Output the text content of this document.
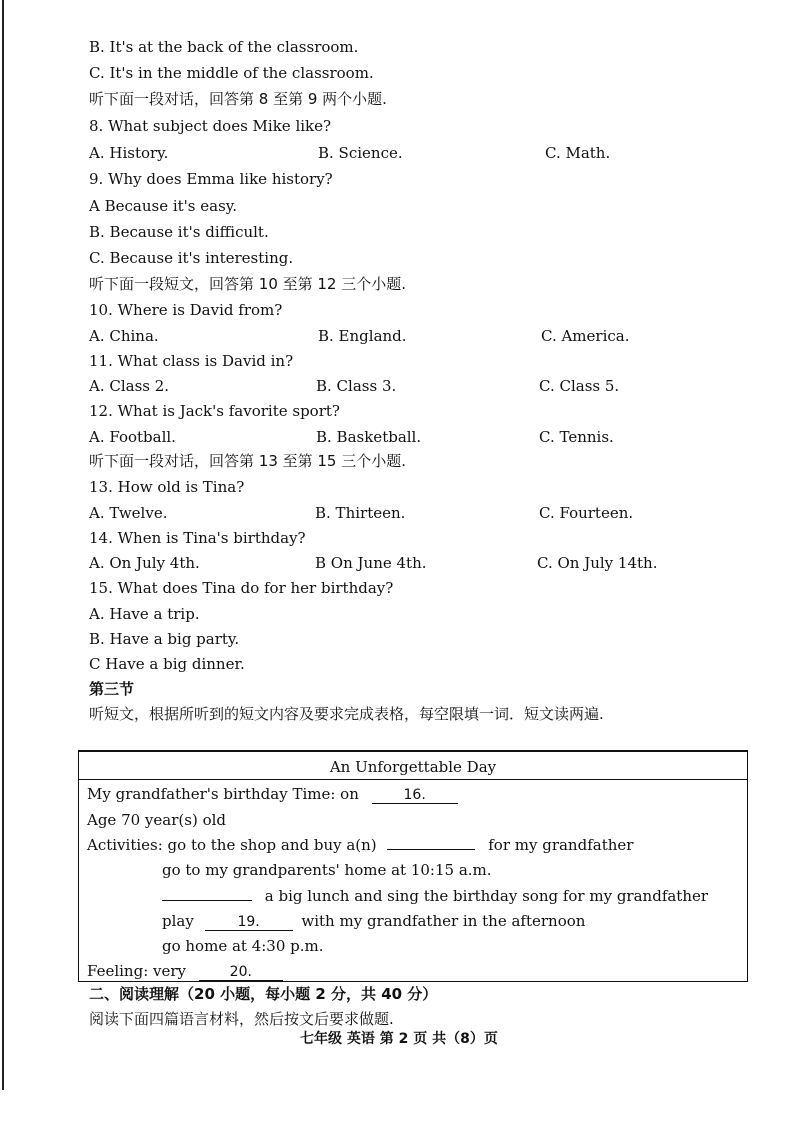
B. It's at the back of the classroom.
C. It's in the middle of the classroom.
听下面一段对话，回答第 8 至第 9 两个小题.
8. What subject does Mike like?
A. History.	B. Science.	C. Math.
9. Why does Emma like history?
A Because it's easy.
B. Because it's difficult.
C. Because it's interesting.
听下面一段短文，回答第 10 至第 12 三个小题.
10. Where is David from?
A. China.	B. England.	C. America.
11. What class is David in?
A. Class 2.	B. Class 3.	C. Class 5.
12. What is Jack's favorite sport?
A. Football.	B. Basketball.	C. Tennis.
听下面一段对话，回答第 13 至第 15 三个小题.
13. How old is Tina?
A. Twelve.	B. Thirteen.	C. Fourteen.
14. When is Tina's birthday?
A. On July 4th.	B On June 4th.	C. On July 14th.
15. What does Tina do for her birthday?
A. Have a trip.
B. Have a big party.
C Have a big dinner.
第三节
听短文，根据所听到的短文内容及要求完成表格，每空限填一词．短文读两遍.
An Unforgettable Day
My grandfather's birthday Time: on	16.
Age 70 year(s) old
Activities: go to the shop and buy a(n)	for my grandfather
go to my grandparents' home at 10:15 a.m.
a big lunch and sing the birthday song for my grandfather
play	19.	with my grandfather in the afternoon
go home at 4:30 p.m.
Feeling: very	20.
二、阅读理解（20 小题，每小题 2 分，共 40 分）
阅读下面四篇语言材料，然后按文后要求做题.
七年级 英语 第 2 页 共（8）页
